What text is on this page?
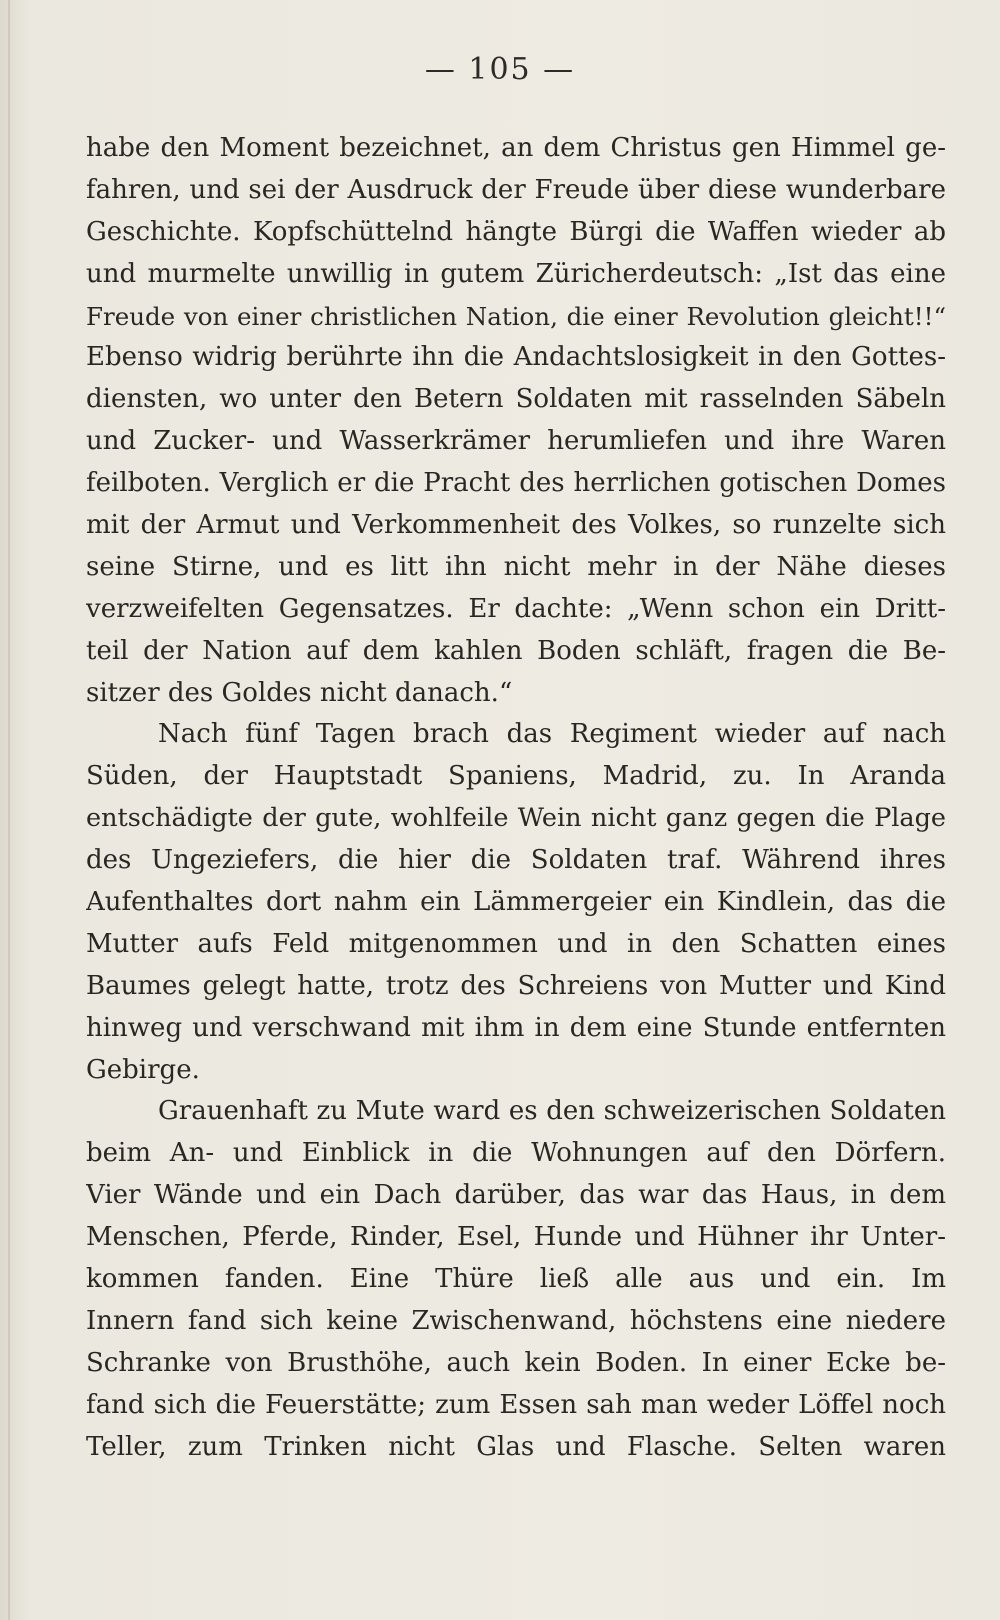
— 105 —
habe den Moment bezeichnet, an dem Christus gen Himmel ge-
fahren, und sei der Ausdruck der Freude über diese wunderbare
Geschichte. Kopfschüttelnd hängte Bürgi die Waffen wieder ab
und murmelte unwillig in gutem Züricherdeutsch: „Ist das eine
Freude von einer christlichen Nation, die einer Revolution gleicht!!“
Ebenso widrig berührte ihn die Andachtslosigkeit in den Gottes-
diensten, wo unter den Betern Soldaten mit rasselnden Säbeln
und Zucker- und Wasserkrämer herumliefen und ihre Waren
feilboten. Verglich er die Pracht des herrlichen gotischen Domes
mit der Armut und Verkommenheit des Volkes, so runzelte sich
seine Stirne, und es litt ihn nicht mehr in der Nähe dieses
verzweifelten Gegensatzes. Er dachte: „Wenn schon ein Dritt-
teil der Nation auf dem kahlen Boden schläft, fragen die Be-
sitzer des Goldes nicht danach.“
Nach fünf Tagen brach das Regiment wieder auf nach
Süden, der Hauptstadt Spaniens, Madrid, zu. In Aranda
entschädigte der gute, wohlfeile Wein nicht ganz gegen die Plage
des Ungeziefers, die hier die Soldaten traf. Während ihres
Aufenthaltes dort nahm ein Lämmergeier ein Kindlein, das die
Mutter aufs Feld mitgenommen und in den Schatten eines
Baumes gelegt hatte, trotz des Schreiens von Mutter und Kind
hinweg und verschwand mit ihm in dem eine Stunde entfernten
Gebirge.
Grauenhaft zu Mute ward es den schweizerischen Soldaten
beim An- und Einblick in die Wohnungen auf den Dörfern.
Vier Wände und ein Dach darüber, das war das Haus, in dem
Menschen, Pferde, Rinder, Esel, Hunde und Hühner ihr Unter-
kommen fanden. Eine Thüre ließ alle aus und ein. Im
Innern fand sich keine Zwischenwand, höchstens eine niedere
Schranke von Brusthöhe, auch kein Boden. In einer Ecke be-
fand sich die Feuerstätte; zum Essen sah man weder Löffel noch
Teller, zum Trinken nicht Glas und Flasche. Selten waren
